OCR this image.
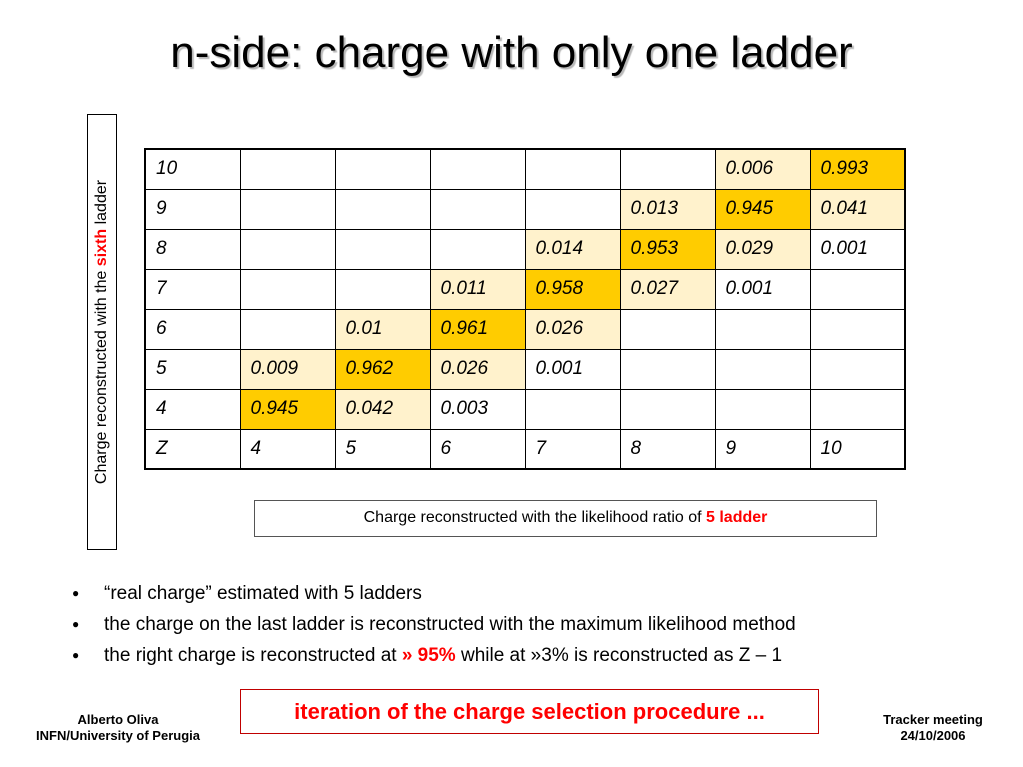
n-side: charge with only one ladder
Charge reconstructed with the sixth ladder
10						0.006	0.993
9					0.013	0.945	0.041
8				0.014	0.953	0.029	0.001
7			0.011	0.958	0.027	0.001	
6		0.01	0.961	0.026			
5	0.009	0.962	0.026	0.001			
4	0.945	0.042	0.003				
Z	4	5	6	7	8	9	10
Charge reconstructed with the likelihood ratio of 5 ladder
● “real charge” estimated with 5 ladders
● the charge on the last ladder is reconstructed with the maximum likelihood method
● the right charge is reconstructed at » 95% while at »3% is reconstructed as Z – 1
iteration of the charge selection procedure ...
Alberto Oliva
INFN/University of Perugia
Tracker meeting
24/10/2006
